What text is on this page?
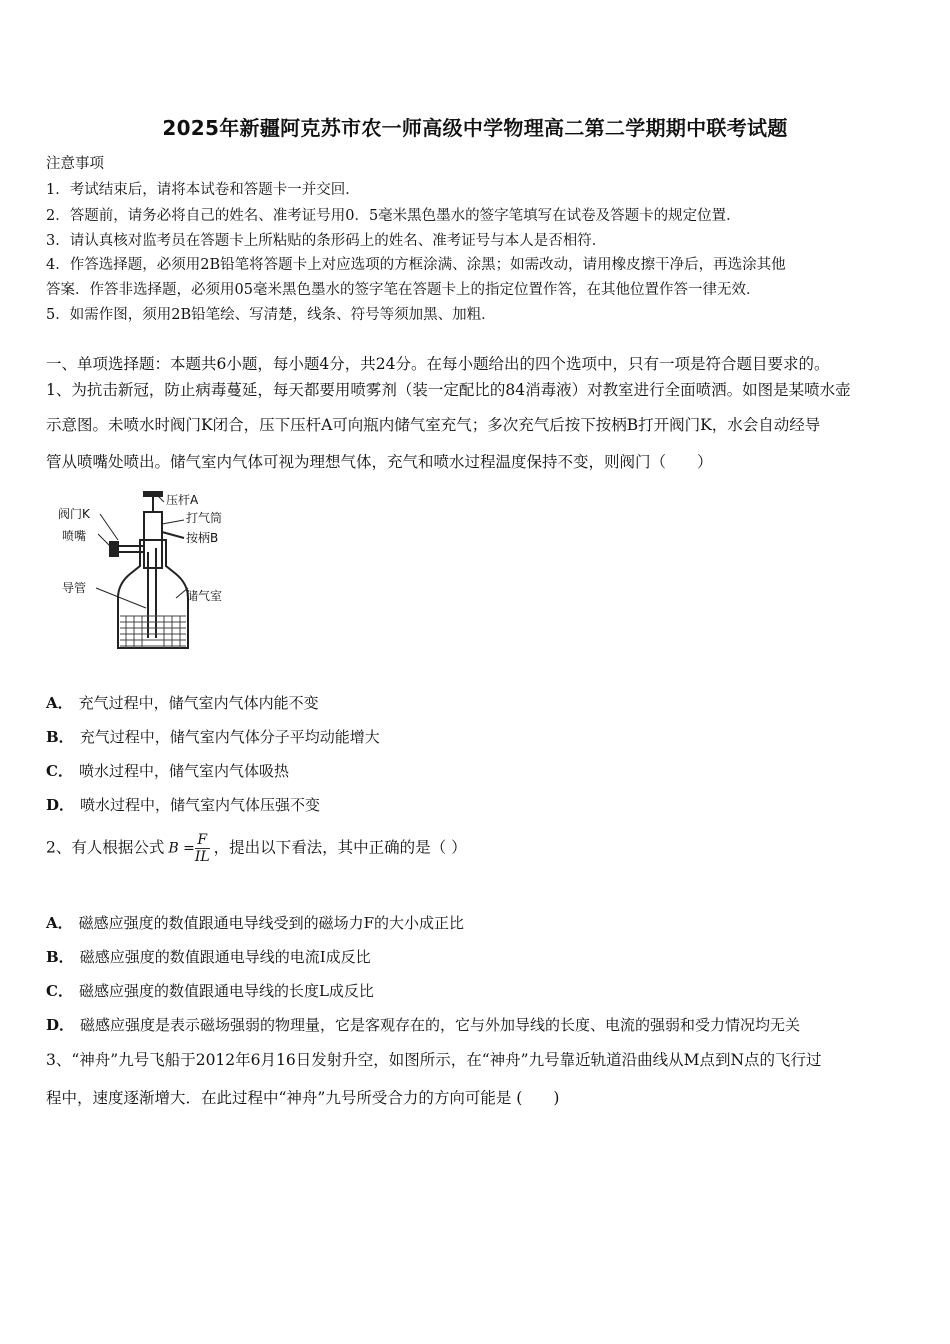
2025年新疆阿克苏市农一师高级中学物理高二第二学期期中联考试题
注意事项
1．考试结束后，请将本试卷和答题卡一并交回．
2．答题前，请务必将自己的姓名、准考证号用0．5毫米黑色墨水的签字笔填写在试卷及答题卡的规定位置．
3．请认真核对监考员在答题卡上所粘贴的条形码上的姓名、准考证号与本人是否相符．
4．作答选择题，必须用2B铅笔将答题卡上对应选项的方框涂满、涂黑；如需改动，请用橡皮擦干净后，再选涂其他
答案．作答非选择题，必须用05毫米黑色墨水的签字笔在答题卡上的指定位置作答，在其他位置作答一律无效．
5．如需作图，须用2B铅笔绘、写清楚，线条、符号等须加黑、加粗．
一、单项选择题：本题共6小题，每小题4分，共24分。在每小题给出的四个选项中，只有一项是符合题目要求的。
1、为抗击新冠，防止病毒蔓延，每天都要用喷雾剂（装一定配比的84消毒液）对教室进行全面喷洒。如图是某喷水壶
示意图。未喷水时阀门K闭合，压下压杆A可向瓶内储气室充气；多次充气后按下按柄B打开阀门K，水会自动经导
管从喷嘴处喷出。储气室内气体可视为理想气体，充气和喷水过程温度保持不变，则阀门（　　）
阀门K
喷嘴
压杆A
打气筒
按柄B
导管
储气室
A． 充气过程中，储气室内气体内能不变
B． 充气过程中，储气室内气体分子平均动能增大
C． 喷水过程中，储气室内气体吸热
D． 喷水过程中，储气室内气体压强不变
2、有人根据公式 $B = \frac{F}{IL}$ ，提出以下看法，其中正确的是（ ）
A． 磁感应强度的数值跟通电导线受到的磁场力F的大小成正比
B． 磁感应强度的数值跟通电导线的电流I成反比
C． 磁感应强度的数值跟通电导线的长度L成反比
D． 磁感应强度是表示磁场强弱的物理量，它是客观存在的，它与外加导线的长度、电流的强弱和受力情况均无关
3、“神舟”九号飞船于2012年6月16日发射升空，如图所示，在“神舟”九号靠近轨道沿曲线从M点到N点的飞行过
程中，速度逐渐增大．在此过程中“神舟”九号所受合力的方向可能是 (　　)
